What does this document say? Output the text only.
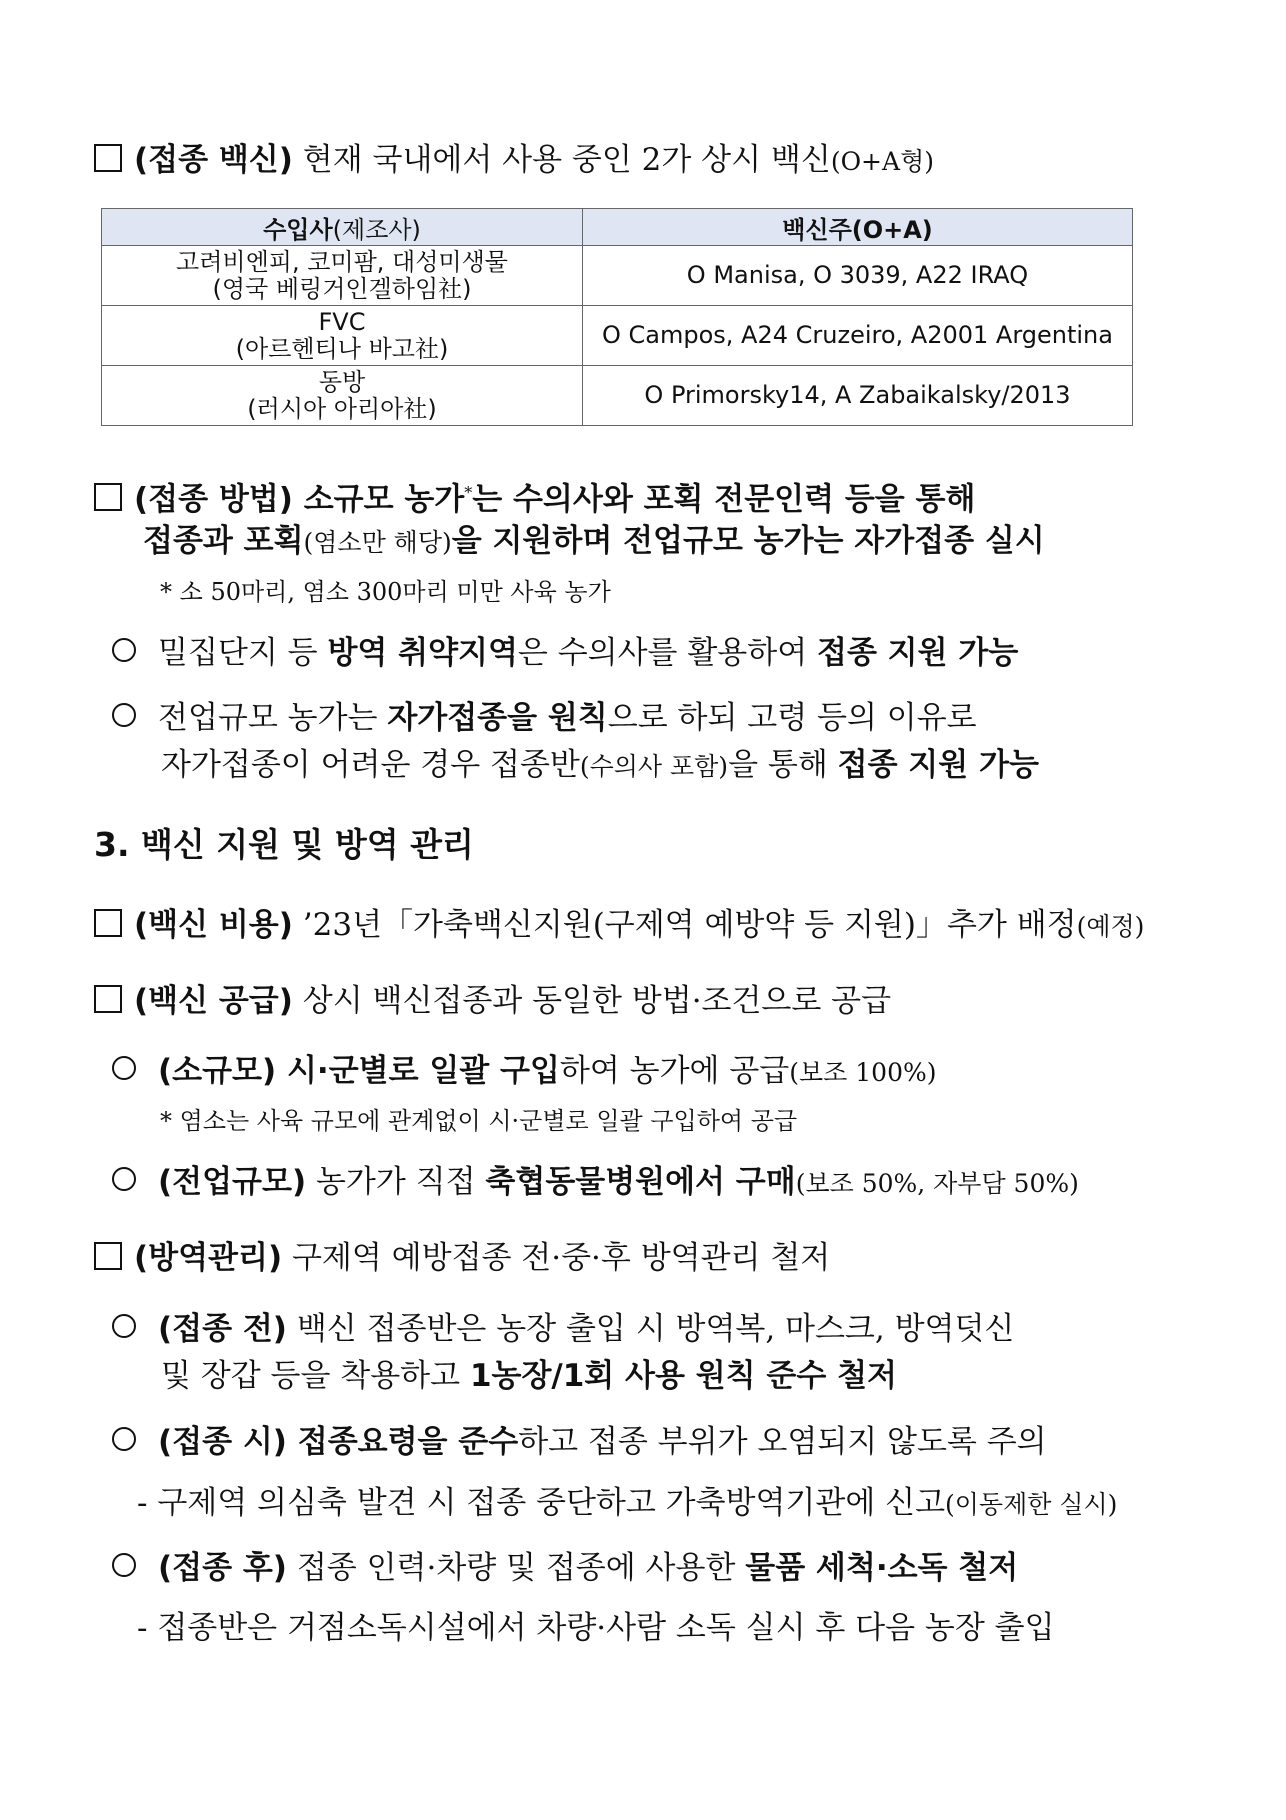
(접종 백신) 현재 국내에서 사용 중인 2가 상시 백신(O+A형)
수입사(제조사)	백신주(O+A)

고려비엔피, 코미팜, 대성미생물
(영국 베링거인겔하임社)	O Manisa, O 3039, A22 IRAQ

FVC
(아르헨티나 바고社)	O Campos, A24 Cruzeiro, A2001 Argentina

동방
(러시아 아리아社)	O Primorsky14, A Zabaikalsky/2013
(접종 방법) 소규모 농가*는 수의사와 포획 전문인력 등을 통해
접종과 포획(염소만 해당)을 지원하며 전업규모 농가는 자가접종 실시
* 소 50마리, 염소 300마리 미만 사육 농가
밀집단지 등 방역 취약지역은 수의사를 활용하여 접종 지원 가능
전업규모 농가는 자가접종을 원칙으로 하되 고령 등의 이유로
자가접종이 어려운 경우 접종반(수의사 포함)을 통해 접종 지원 가능
3. 백신 지원 및 방역 관리
(백신 비용) ’23년「가축백신지원(구제역 예방약 등 지원)」추가 배정(예정)
(백신 공급) 상시 백신접종과 동일한 방법·조건으로 공급
(소규모) 시·군별로 일괄 구입하여 농가에 공급(보조 100%)
* 염소는 사육 규모에 관계없이 시·군별로 일괄 구입하여 공급
(전업규모) 농가가 직접 축협동물병원에서 구매(보조 50%, 자부담 50%)
(방역관리) 구제역 예방접종 전·중·후 방역관리 철저
(접종 전) 백신 접종반은 농장 출입 시 방역복, 마스크, 방역덧신
및 장갑 등을 착용하고 1농장/1회 사용 원칙 준수 철저
(접종 시) 접종요령을 준수하고 접종 부위가 오염되지 않도록 주의
- 구제역 의심축 발견 시 접종 중단하고 가축방역기관에 신고(이동제한 실시)
(접종 후) 접종 인력·차량 및 접종에 사용한 물품 세척·소독 철저
- 접종반은 거점소독시설에서 차량·사람 소독 실시 후 다음 농장 출입
